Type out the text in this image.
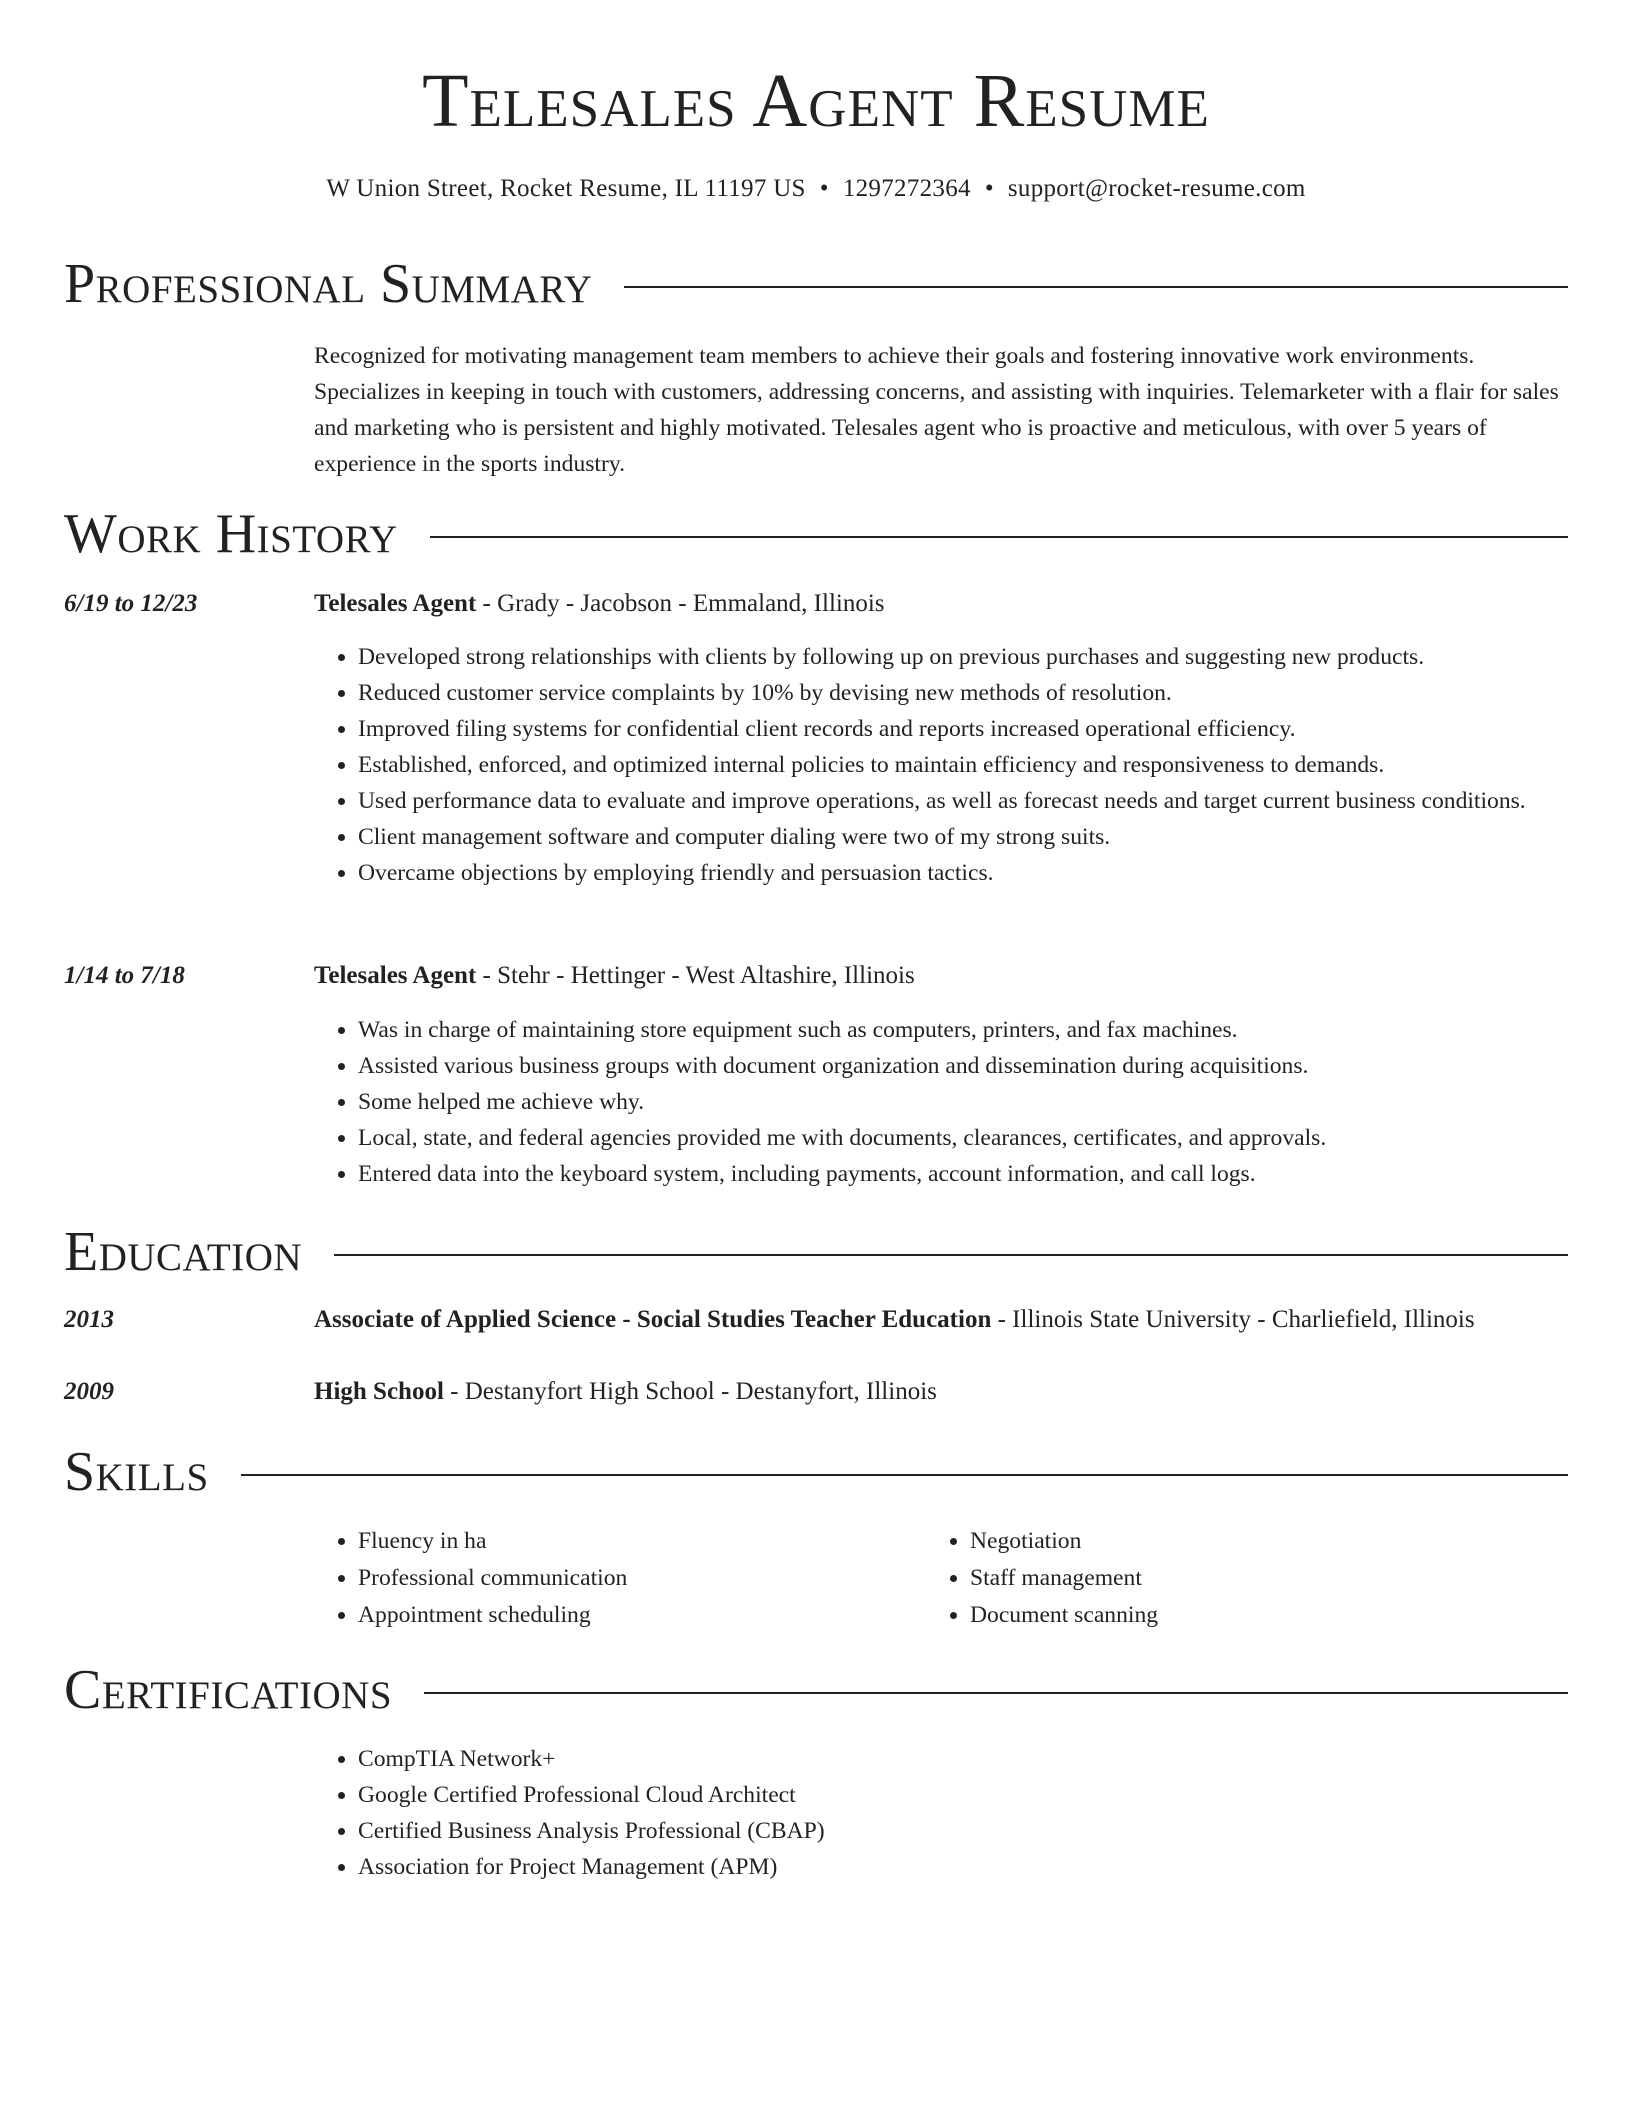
Telesales Agent Resume
W Union Street, Rocket Resume, IL 11197 US • 1297272364 • support@rocket-resume.com
Professional Summary
Recognized for motivating management team members to achieve their goals and fostering innovative work environments. Specializes in keeping in touch with customers, addressing concerns, and assisting with inquiries. Telemarketer with a flair for sales and marketing who is persistent and highly motivated. Telesales agent who is proactive and meticulous, with over 5 years of experience in the sports industry.
Work History
6/19 to 12/23	Telesales Agent - Grady - Jacobson - Emmaland, Illinois
• Developed strong relationships with clients by following up on previous purchases and suggesting new products.
• Reduced customer service complaints by 10% by devising new methods of resolution.
• Improved filing systems for confidential client records and reports increased operational efficiency.
• Established, enforced, and optimized internal policies to maintain efficiency and responsiveness to demands.
• Used performance data to evaluate and improve operations, as well as forecast needs and target current business conditions.
• Client management software and computer dialing were two of my strong suits.
• Overcame objections by employing friendly and persuasion tactics.
1/14 to 7/18	Telesales Agent - Stehr - Hettinger - West Altashire, Illinois
• Was in charge of maintaining store equipment such as computers, printers, and fax machines.
• Assisted various business groups with document organization and dissemination during acquisitions.
• Some helped me achieve why.
• Local, state, and federal agencies provided me with documents, clearances, certificates, and approvals.
• Entered data into the keyboard system, including payments, account information, and call logs.
Education
2013	Associate of Applied Science - Social Studies Teacher Education - Illinois State University - Charliefield, Illinois
2009	High School - Destanyfort High School - Destanyfort, Illinois
Skills
• Fluency in ha
• Professional communication
• Appointment scheduling
• Negotiation
• Staff management
• Document scanning
Certifications
• CompTIA Network+
• Google Certified Professional Cloud Architect
• Certified Business Analysis Professional (CBAP)
• Association for Project Management (APM)
